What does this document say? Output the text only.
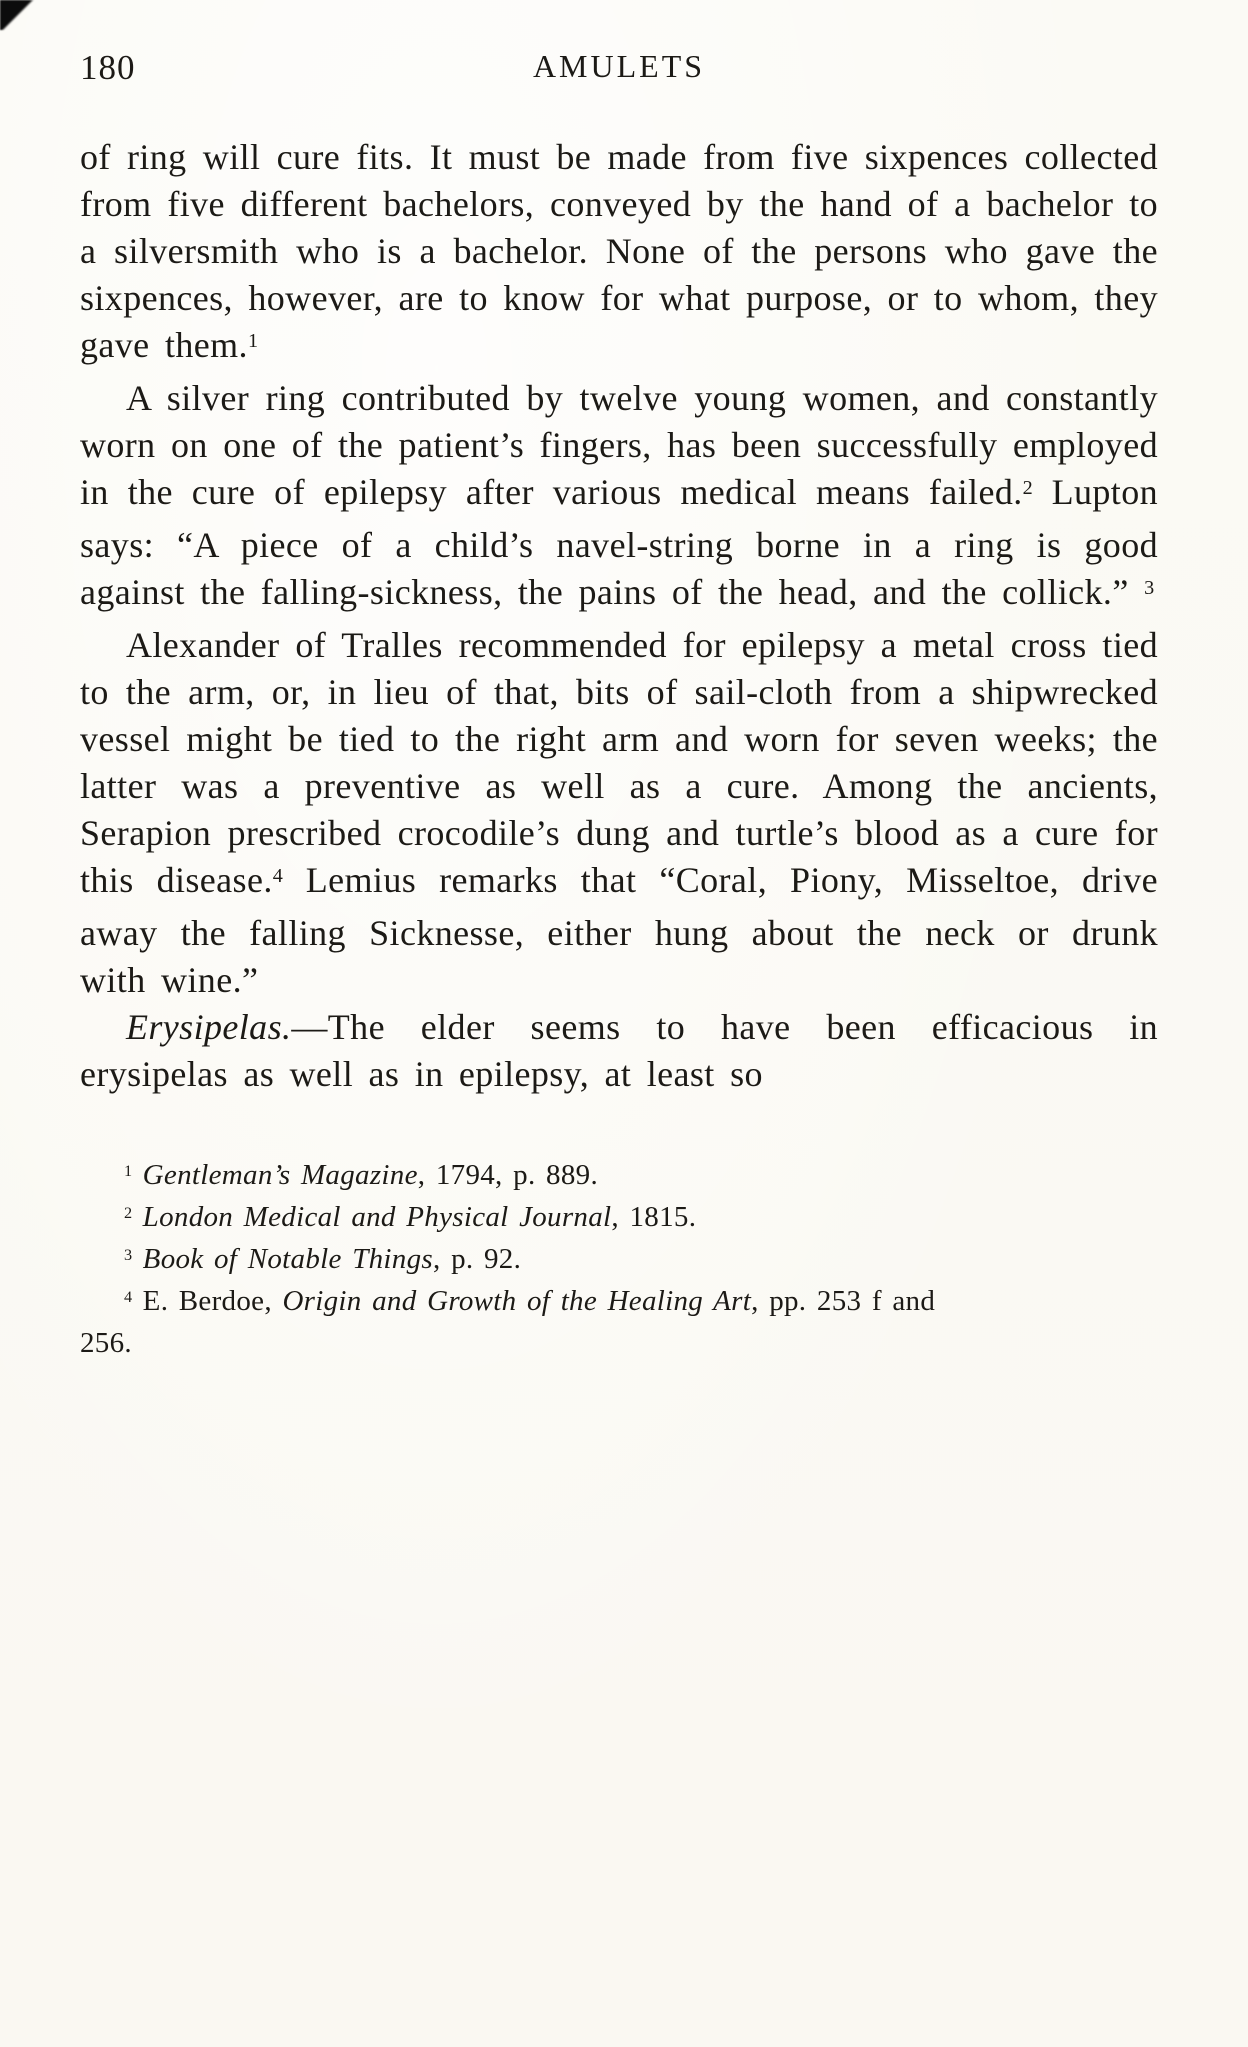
180	AMULETS

of ring will cure fits. It must be made from five sixpences collected from five different bachelors, conveyed by the hand of a bachelor to a silversmith who is a bachelor. None of the persons who gave the sixpences, however, are to know for what purpose, or to whom, they gave them.$^1$

A silver ring contributed by twelve young women, and constantly worn on one of the patient’s fingers, has been successfully employed in the cure of epilepsy after various medical means failed.$^2$ Lupton says: “A piece of a child’s navel-string borne in a ring is good against the falling-sickness, the pains of the head, and the collick.” $^3$

Alexander of Tralles recommended for epilepsy a metal cross tied to the arm, or, in lieu of that, bits of sail-cloth from a shipwrecked vessel might be tied to the right arm and worn for seven weeks; the latter was a preventive as well as a cure. Among the ancients, Serapion prescribed crocodile’s dung and turtle’s blood as a cure for this disease.$^4$ Lemius remarks that “Coral, Piony, Misseltoe, drive away the falling Sicknesse, either hung about the neck or drunk with wine.”

Erysipelas.—The elder seems to have been efficacious in erysipelas as well as in epilepsy, at least so

$^1$ Gentleman’s Magazine, 1794, p. 889.

$^2$ London Medical and Physical Journal, 1815.

$^3$ Book of Notable Things, p. 92.

$^4$ E. Berdoe, Origin and Growth of the Healing Art, pp. 253 f and
256.
